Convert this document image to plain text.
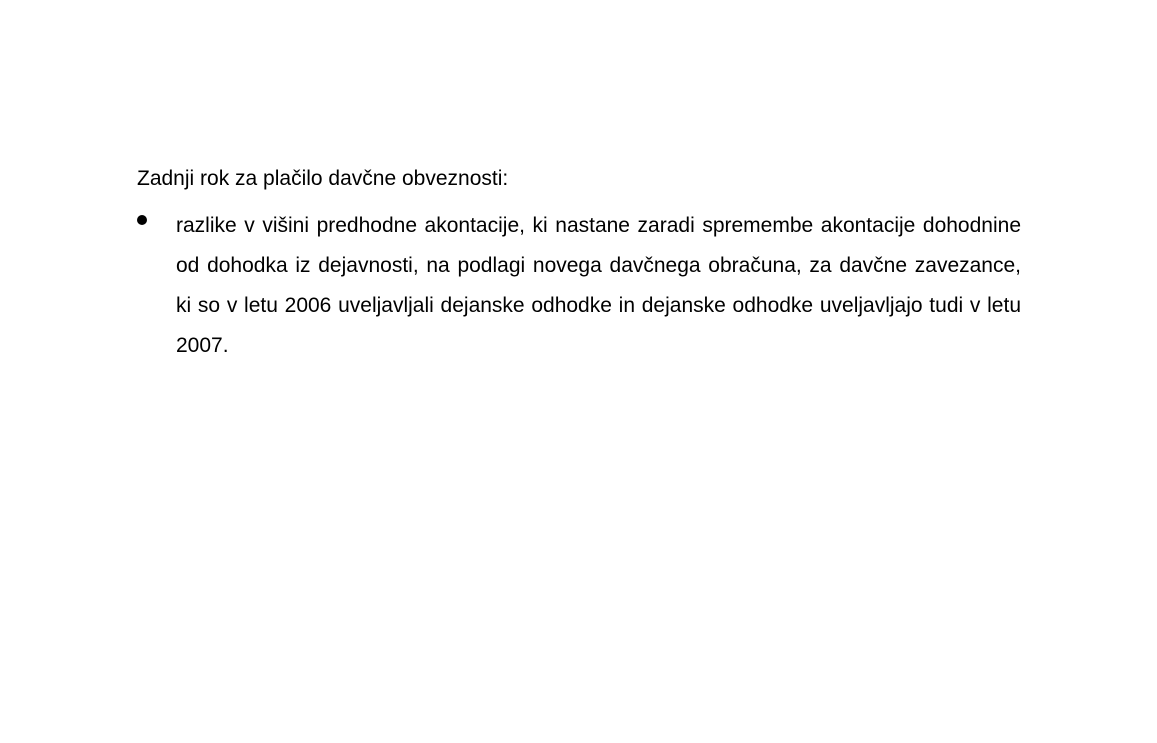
Zadnji rok za plačilo davčne obveznosti:
razlike v višini predhodne akontacije, ki nastane zaradi spremembe akontacije dohodnine od dohodka iz dejavnosti, na podlagi novega davčnega obračuna, za davčne zavezance, ki so v letu 2006 uveljavljali dejanske odhodke in dejanske odhodke uveljavljajo tudi v letu 2007.
